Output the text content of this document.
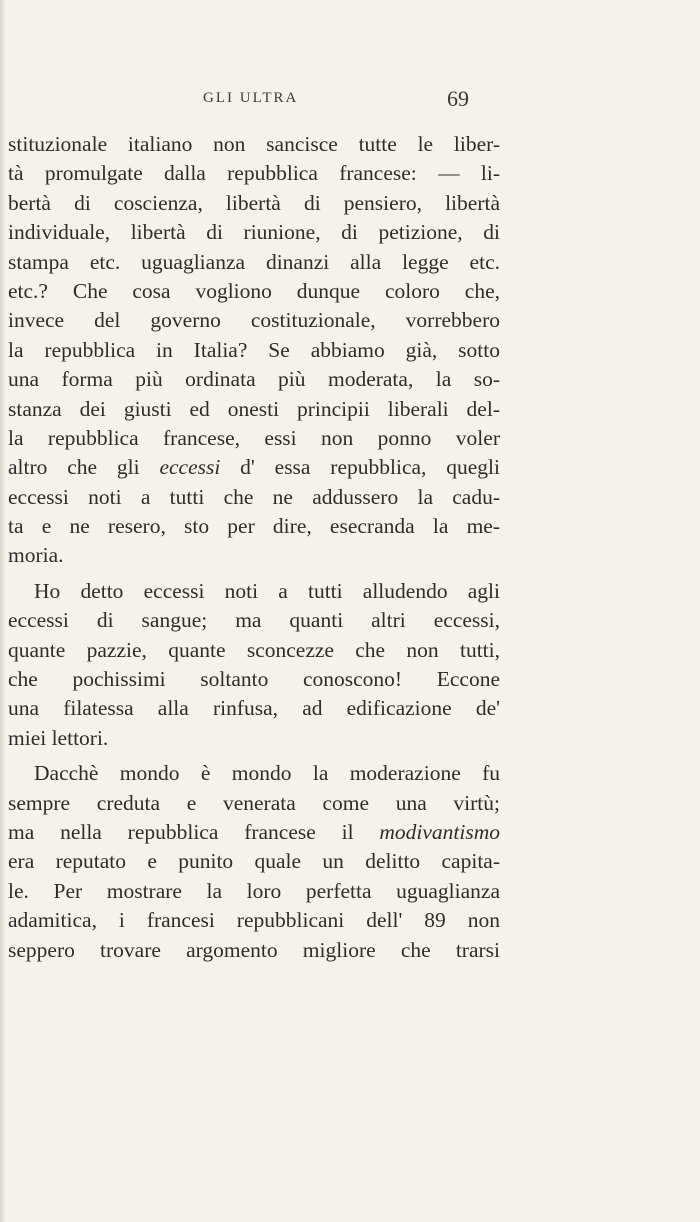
GLI ULTRA	69
stituzionale italiano non sancisce tutte le liber-
tà promulgate dalla repubblica francese: — li-
bertà di coscienza, libertà di pensiero, libertà
individuale, libertà di riunione, di petizione, di
stampa etc. uguaglianza dinanzi alla legge etc.
etc.? Che cosa vogliono dunque coloro che,
invece del governo costituzionale, vorrebbero
la repubblica in Italia? Se abbiamo già, sotto
una forma più ordinata più moderata, la so-
stanza dei giusti ed onesti principii liberali del-
la repubblica francese, essi non ponno voler
altro che gli eccessi d' essa repubblica, quegli
eccessi noti a tutti che ne addussero la cadu-
ta e ne resero, sto per dire, esecranda la me-
moria.
Ho detto eccessi noti a tutti alludendo agli
eccessi di sangue; ma quanti altri eccessi,
quante pazzie, quante sconcezze che non tutti,
che pochissimi soltanto conoscono! Eccone
una filatessa alla rinfusa, ad edificazione de'
miei lettori.
Dacchè mondo è mondo la moderazione fu
sempre creduta e venerata come una virtù;
ma nella repubblica francese il modivantismo
era reputato e punito quale un delitto capita-
le. Per mostrare la loro perfetta uguaglianza
adamitica, i francesi repubblicani dell' 89 non
seppero trovare argomento migliore che trarsi
